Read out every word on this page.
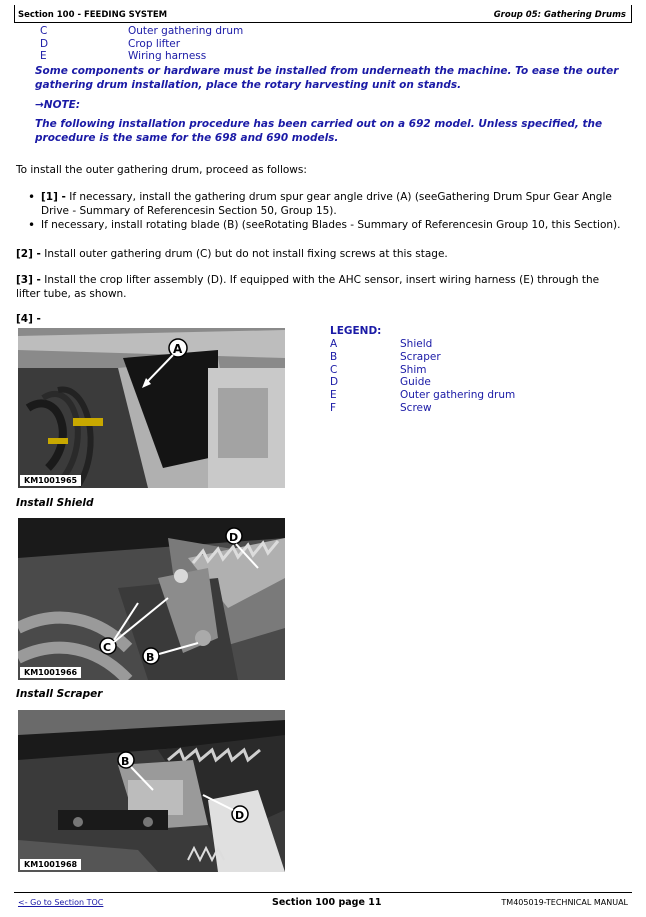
Section 100 - FEEDING SYSTEM	Group 05: Gathering Drums
C	Outer gathering drum
D	Crop lifter
E	Wiring harness
Some components or hardware must be installed from underneath the machine. To ease the outer gathering drum installation, place the rotary harvesting unit on stands.
→NOTE:
The following installation procedure has been carried out on a 692 model. Unless specified, the procedure is the same for the 698 and 690 models.
To install the outer gathering drum, proceed as follows:
• [1] - If necessary, install the gathering drum spur gear angle drive (A) (seeGathering Drum Spur Gear Angle Drive - Summary of Referencesin Section 50, Group 15).
• If necessary, install rotating blade (B) (seeRotating Blades - Summary of Referencesin Group 10, this Section).
[2] - Install outer gathering drum (C) but do not install fixing screws at this stage.
[3] - Install the crop lifter assembly (D). If equipped with the AHC sensor, insert wiring harness (E) through the lifter tube, as shown.
[4] -
A
KM1001965
Install Shield
D
C
B
KM1001966
Install Scraper
B
D
KM1001968
LEGEND:
A	Shield
B	Scraper
C	Shim
D	Guide
E	Outer gathering drum
F	Screw
<- Go to Section TOC	Section 100 page 11	TM405019-TECHNICAL MANUAL
